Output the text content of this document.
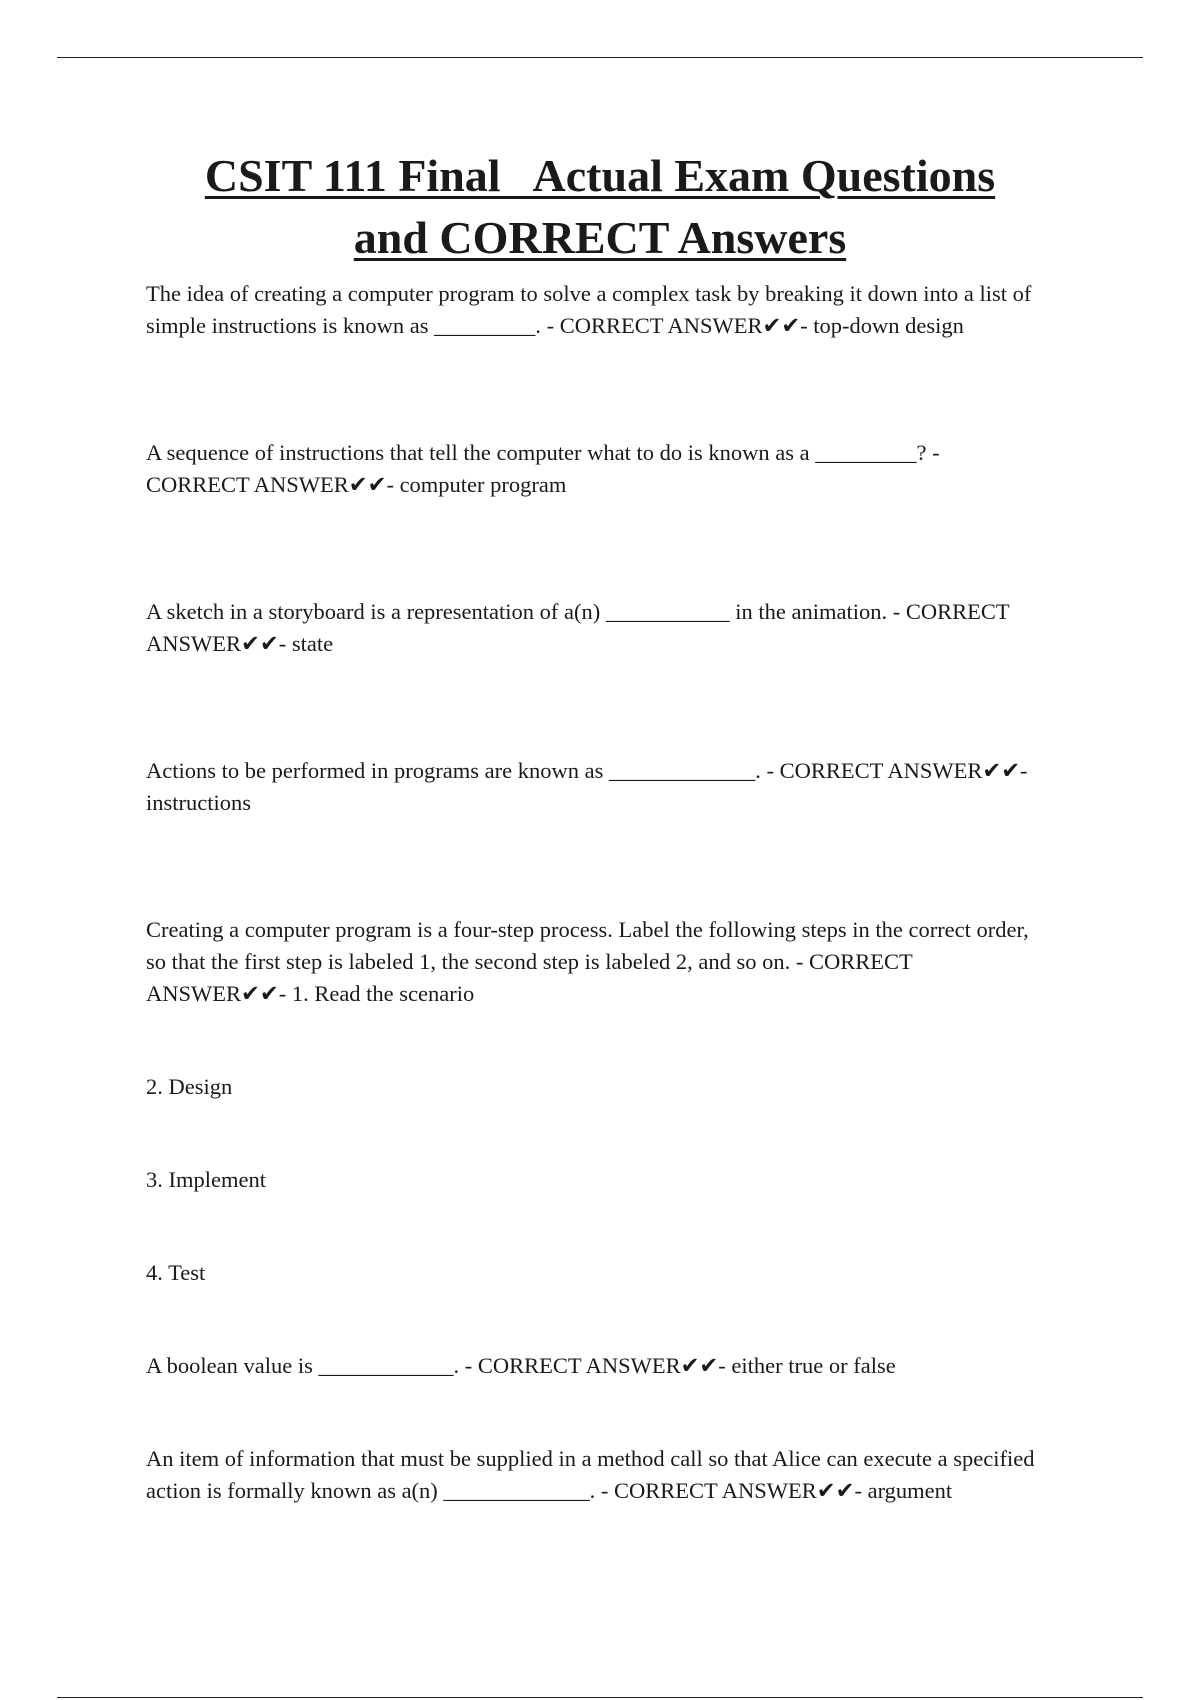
CSIT 111 Final   Actual Exam Questions
and CORRECT Answers

The idea of creating a computer program to solve a complex task by breaking it down into a list of simple instructions is known as _________. - CORRECT ANSWER✔✔- top-down design

A sequence of instructions that tell the computer what to do is known as a _________? - CORRECT ANSWER✔✔- computer program

A sketch in a storyboard is a representation of a(n) ___________ in the animation. - CORRECT ANSWER✔✔- state

Actions to be performed in programs are known as _____________. - CORRECT ANSWER✔✔- instructions

Creating a computer program is a four-step process. Label the following steps in the correct order, so that the first step is labeled 1, the second step is labeled 2, and so on. - CORRECT ANSWER✔✔- 1. Read the scenario

2. Design

3. Implement

4. Test

A boolean value is ____________. - CORRECT ANSWER✔✔- either true or false

An item of information that must be supplied in a method call so that Alice can execute a specified action is formally known as a(n) _____________. - CORRECT ANSWER✔✔- argument
